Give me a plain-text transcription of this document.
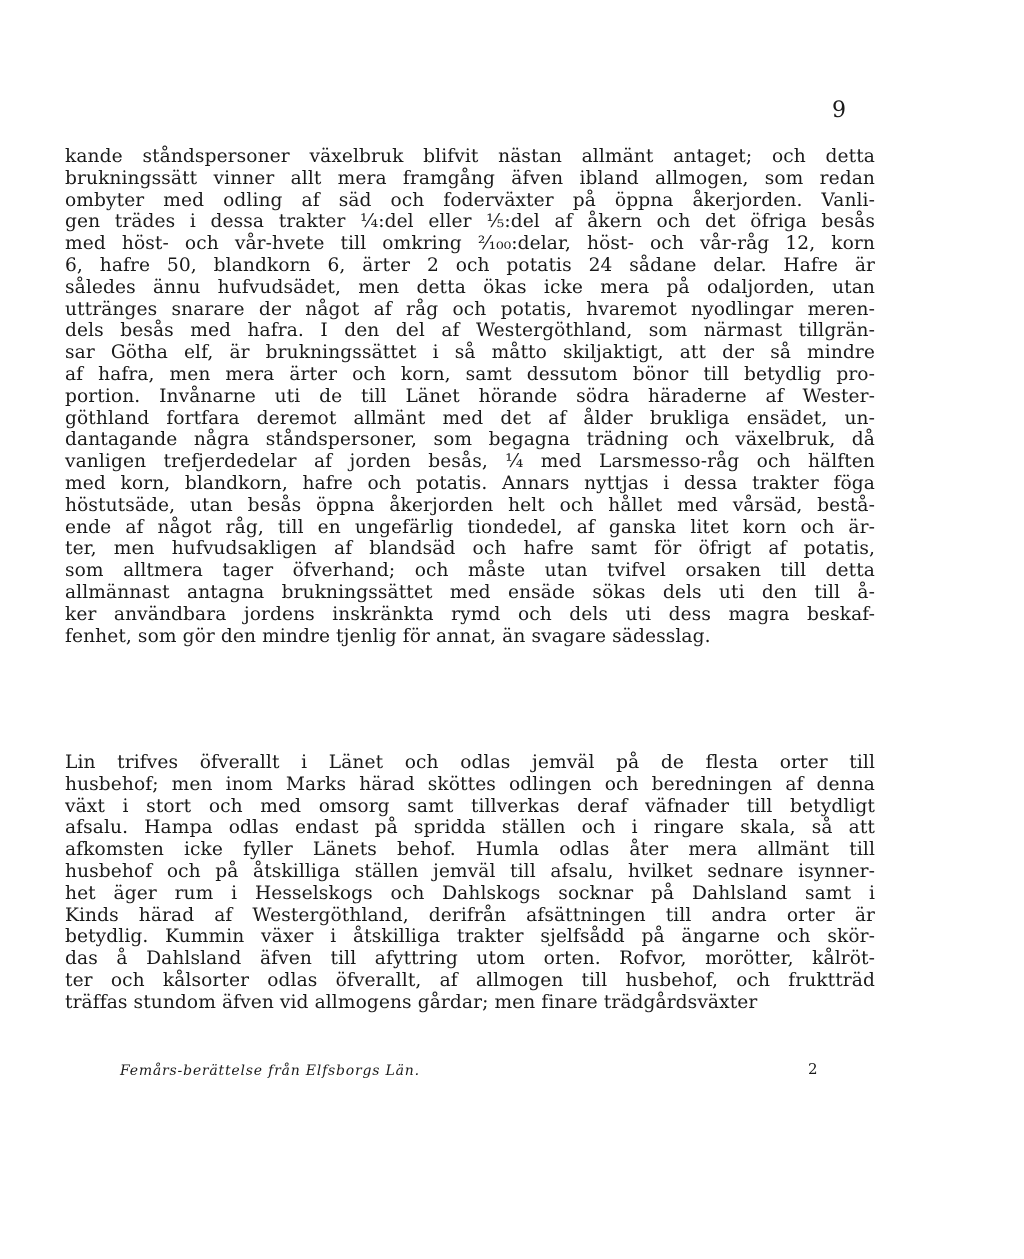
9
kande ståndspersoner växelbruk blifvit nästan allmänt antaget; och detta
brukningssätt vinner allt mera framgång äfven ibland allmogen, som redan
ombyter med odling af säd och foderväxter på öppna åkerjorden. Vanli-
gen trädes i dessa trakter ¼:del eller ⅕:del af åkern och det öfriga besås
med höst- och vår-hvete till omkring ²⁄₁₀₀:delar, höst- och vår-råg 12, korn
6, hafre 50, blandkorn 6, ärter 2 och potatis 24 sådane delar. Hafre är
således ännu hufvudsädet, men detta ökas icke mera på odaljorden, utan
uttränges snarare der något af råg och potatis, hvaremot nyodlingar meren-
dels besås med hafra. I den del af Westergöthland, som närmast tillgrän-
sar Götha elf, är brukningssättet i så måtto skiljaktigt, att der så mindre
af hafra, men mera ärter och korn, samt dessutom bönor till betydlig pro-
portion. Invånarne uti de till Länet hörande södra häraderne af Wester-
göthland fortfara deremot allmänt med det af ålder brukliga ensädet, un-
dantagande några ståndspersoner, som begagna trädning och växelbruk, då
vanligen trefjerdedelar af jorden besås, ¼ med Larsmesso-råg och hälften
med korn, blandkorn, hafre och potatis. Annars nyttjas i dessa trakter föga
höstutsäde, utan besås öppna åkerjorden helt och hållet med vårsäd, bestå-
ende af något råg, till en ungefärlig tiondedel, af ganska litet korn och är-
ter, men hufvudsakligen af blandsäd och hafre samt för öfrigt af potatis,
som alltmera tager öfverhand; och måste utan tvifvel orsaken till detta
allmännast antagna brukningssättet med ensäde sökas dels uti den till å-
ker användbara jordens inskränkta rymd och dels uti dess magra beskaf-
fenhet, som gör den mindre tjenlig för annat, än svagare sädesslag.
Lin trifves öfverallt i Länet och odlas jemväl på de flesta orter till
husbehof; men inom Marks härad sköttes odlingen och beredningen af denna
växt i stort och med omsorg samt tillverkas deraf väfnader till betydligt
afsalu. Hampa odlas endast på spridda ställen och i ringare skala, så att
afkomsten icke fyller Länets behof. Humla odlas åter mera allmänt till
husbehof och på åtskilliga ställen jemväl till afsalu, hvilket sednare isynner-
het äger rum i Hesselskogs och Dahlskogs socknar på Dahlsland samt i
Kinds härad af Westergöthland, derifrån afsättningen till andra orter är
betydlig. Kummin växer i åtskilliga trakter sjelfsådd på ängarne och skör-
das å Dahlsland äfven till afyttring utom orten. Rofvor, morötter, kålröt-
ter och kålsorter odlas öfverallt, af allmogen till husbehof, och fruktträd
träffas stundom äfven vid allmogens gårdar; men finare trädgårdsväxter
Femårs-berättelse från Elfsborgs Län.	2
